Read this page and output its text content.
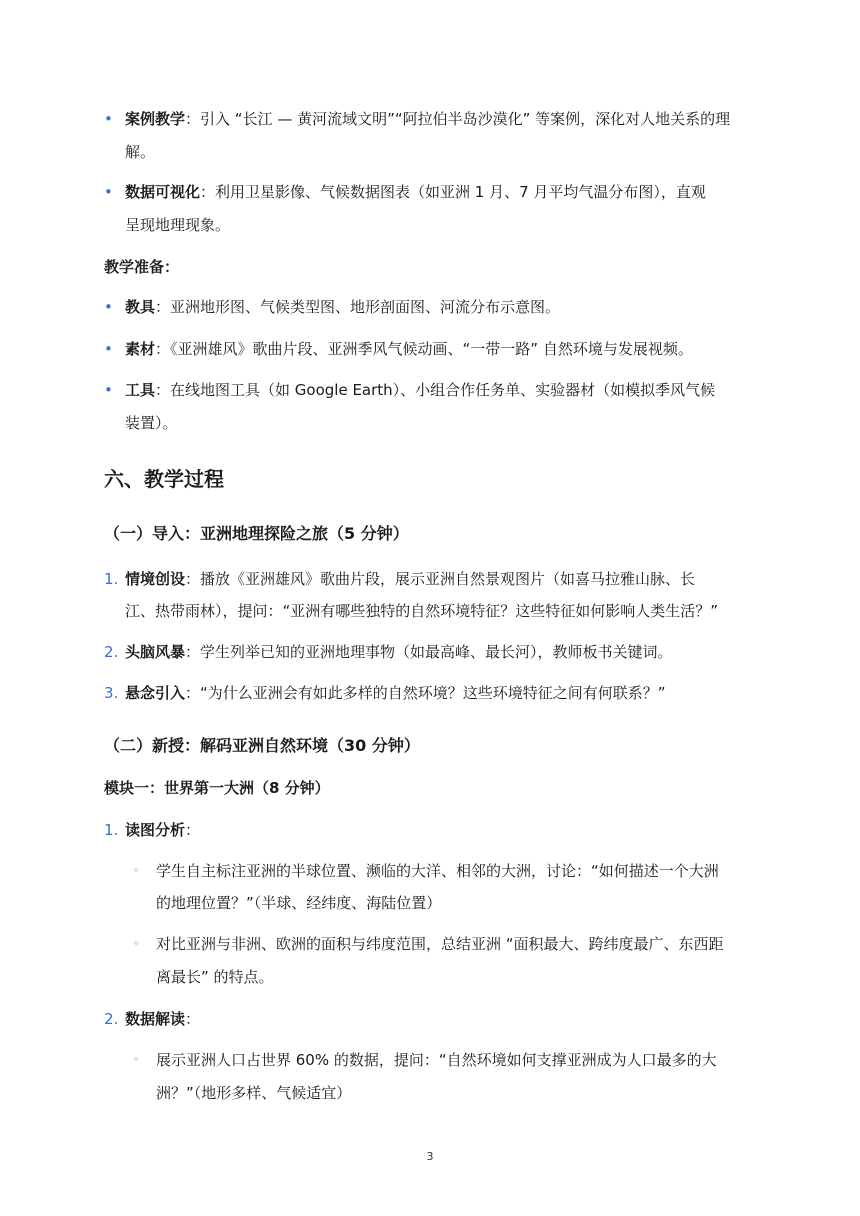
• 案例教学：引入 “长江 — 黄河流域文明”“阿拉伯半岛沙漠化” 等案例，深化对人地关系的理
解。
• 数据可视化：利用卫星影像、气候数据图表（如亚洲 1 月、7 月平均气温分布图），直观
呈现地理现象。
教学准备：
• 教具：亚洲地形图、气候类型图、地形剖面图、河流分布示意图。
• 素材：《亚洲雄风》歌曲片段、亚洲季风气候动画、“一带一路” 自然环境与发展视频。
• 工具：在线地图工具（如 Google Earth）、小组合作任务单、实验器材（如模拟季风气候
装置）。
六、教学过程
（一）导入：亚洲地理探险之旅（5 分钟）
1. 情境创设：播放《亚洲雄风》歌曲片段，展示亚洲自然景观图片（如喜马拉雅山脉、长
江、热带雨林），提问：“亚洲有哪些独特的自然环境特征？这些特征如何影响人类生活？”
2. 头脑风暴：学生列举已知的亚洲地理事物（如最高峰、最长河），教师板书关键词。
3. 悬念引入：“为什么亚洲会有如此多样的自然环境？这些环境特征之间有何联系？”
（二）新授：解码亚洲自然环境（30 分钟）
模块一：世界第一大洲（8 分钟）
1. 读图分析：
◦ 学生自主标注亚洲的半球位置、濒临的大洋、相邻的大洲，讨论：“如何描述一个大洲
的地理位置？”（半球、经纬度、海陆位置）
◦ 对比亚洲与非洲、欧洲的面积与纬度范围，总结亚洲 “面积最大、跨纬度最广、东西距
离最长” 的特点。
2. 数据解读：
◦ 展示亚洲人口占世界 60% 的数据，提问：“自然环境如何支撑亚洲成为人口最多的大
洲？”（地形多样、气候适宜）
3
